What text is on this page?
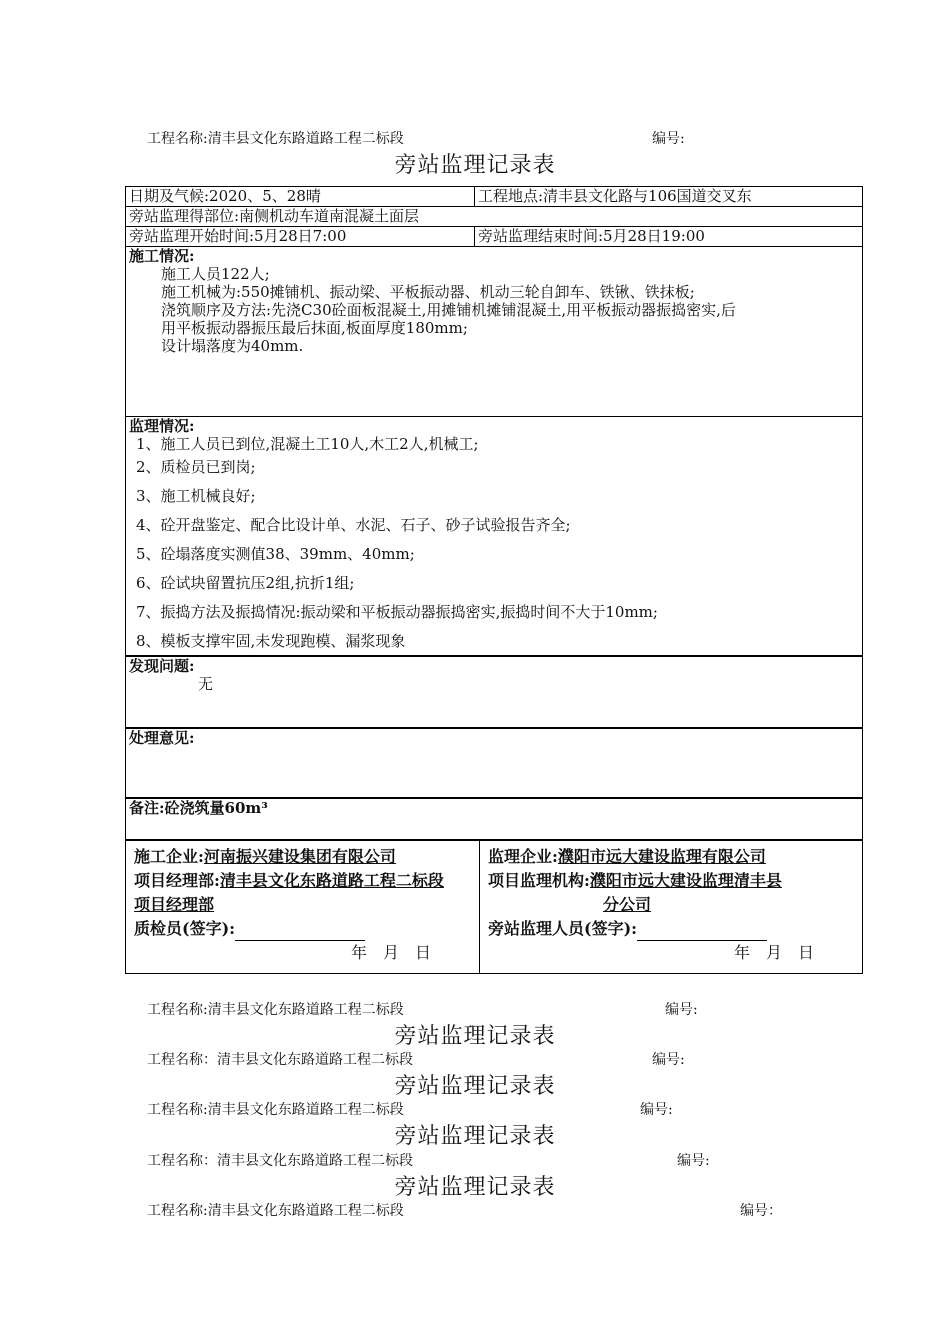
工程名称:清丰县文化东路道路工程二标段	编号:
旁站监理记录表
日期及气候:2020、5、28晴	工程地点:清丰县文化路与106国道交叉东
旁站监理得部位:南侧机动车道南混凝土面层
旁站监理开始时间:5月28日7:00	旁站监理结束时间:5月28日19:00
施工情况:
施工人员122人;
施工机械为:550摊铺机、振动梁、平板振动器、机动三轮自卸车、铁锹、铁抹板;
浇筑顺序及方法:先浇C30砼面板混凝土,用摊铺机摊铺混凝土,用平板振动器振捣密实,后
用平板振动器振压最后抹面,板面厚度180mm;
设计塌落度为40mm.
监理情况:
1、施工人员已到位,混凝土工10人,木工2人,机械工;
2、质检员已到岗;
3、施工机械良好;
4、砼开盘鉴定、配合比设计单、水泥、石子、砂子试验报告齐全;
5、砼塌落度实测值38、39mm、40mm;
6、砼试块留置抗压2组,抗折1组;
7、振捣方法及振捣情况:振动梁和平板振动器振捣密实,振捣时间不大于10mm;
8、模板支撑牢固,未发现跑模、漏浆现象
发现问题:
无
处理意见:
备注:砼浇筑量60m³
施工企业:河南振兴建设集团有限公司
项目经理部:清丰县文化东路道路工程二标段
项目经理部
质检员(签字):
年　月　日
监理企业:濮阳市远大建设监理有限公司
项目监理机构:濮阳市远大建设监理清丰县
分公司
旁站监理人员(签字):
年　月　日
工程名称:清丰县文化东路道路工程二标段	编号:
旁站监理记录表
工程名称：清丰县文化东路道路工程二标段	编号:
旁站监理记录表
工程名称:清丰县文化东路道路工程二标段	编号:
旁站监理记录表
工程名称：清丰县文化东路道路工程二标段	编号:
旁站监理记录表
工程名称:清丰县文化东路道路工程二标段	编号：
